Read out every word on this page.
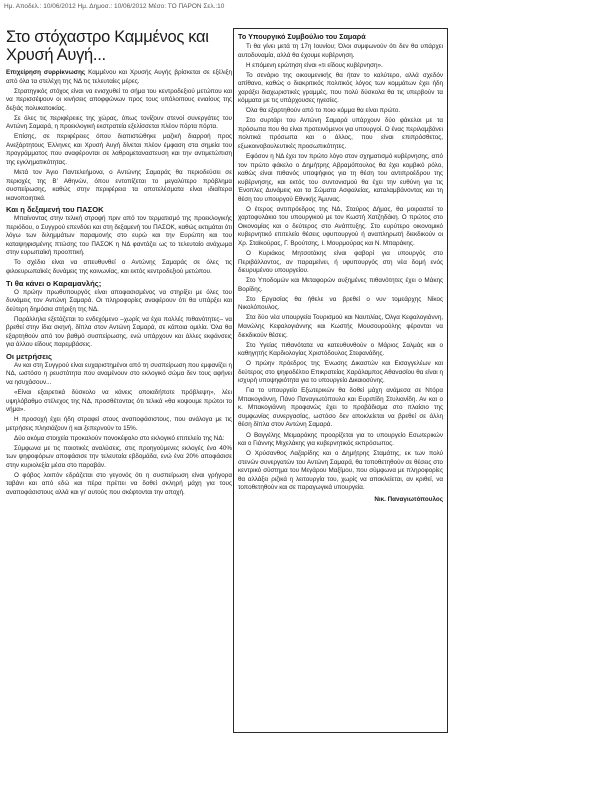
Ημ. Αποδελ.: 10/06/2012 Ημ. Δημοσ.: 10/06/2012 Μέσο: ΤΟ ΠΑΡΟΝ Σελ.:10
Στο στόχαστρο Καμμένος και Χρυσή Αυγή...

Επιχείρηση συρρίκνωσης Καμμένου και Χρυσής Αυγής βρίσκεται σε εξέλιξη από όλα τα στελέχη της ΝΔ τις τελευταίες μέρες.

Στρατηγικός στόχος είναι να ενισχυθεί το σήμα του κεντροδεξιού μετώπου και να περισσέψουν οι κινήσεις αποφφώνων προς τους υπόλοιπους ενιαίους της δεξιάς πολυκατοικίας.

Σε όλες τις περιφέρειες της χώρας, όπως τονίζουν στενοί συνεργάτες του Αντώνη Σαμαρά, η προεκλογική εκστρατεία εξελίσσεται πλέον πόρτα πόρτα.

Επίσης, σε περιφέρειες όπου διαπιστώθηκε μαζική διαρροή προς Ανεξάρτητους Έλληνες και Χρυσή Αυγή δίνεται πλέον έμφαση στα σημεία του προγράμματος που αναφέρονται σε λαθρομεταναστευση και την αντιμετώπιση της εγκληματικότητας.

Μετά τον Άγιο Παντελεήμονα, ο Αντώνης Σαμαράς θα περιοδεύσει σε περιοχές της Β' Αθηνών, όπου εντοπίζεται το μεγαλύτερο πρόβλημα συσπείρωσης, καθώς στην περιφέρεια τα αποτελέσματα είναι ιδιαίτερα ικανοποιητικά.

Και η δεξαμενή του ΠΑΣΟΚ

Μπαίνοντας στην τελική στροφή πριν από τον τερματισμό της προεκλογικής περιόδου, ο Συγγρού επενδύει και στη δεξαμενή του ΠΑΣΟΚ, καθώς εκτιμάται ότι λόγω των διλημμάτων παραμονής στο ευρώ και την Ευρώπη και του καταψηφισμένης πτώσης του ΠΑΣΟΚ η ΝΔ φαντάζει ως το τελευταίο ανάχωμα στην ευρωπαϊκή προοπτική.

Το σχέδιο είναι να απευθυνθεί ο Αντώνης Σαμαράς σε όλες τις φιλοευρωπαϊκές δυνάμεις της κοινωνίας, και εκτός κεντροδεξιού μετώπου.

Τι θα κάνει ο Καραμανλής;

Ο πρώην πρωθυπουργός είναι αποφασισμένος να στηρίξει με όλες του δυνάμεις τον Αντώνη Σαμαρά. Οι πληροφορίες αναφέρουν ότι θα υπάρξει και δεύτερη δημόσια στήριξη της ΝΔ.

Παράλληλα εξετάζεται το ενδεχόμενο –χωρίς να έχει πολλές πιθανότητες– να βρεθεί στην ίδια σκηνή, δίπλα στον Αντώνη Σαμαρά, σε κάποια ομιλία. Όλα θα εξαρτηθούν από τον βαθμό συσπείρωσης, ενώ υπάρχουν και άλλες εκφάνσεις για άλλου είδους παρεμβάσεις.

Οι μετρήσεις

Αν και στη Συγγρού είναι ευχαριστημένοι από τη συσπείρωση που εμφανίζει η ΝΔ, ωστόσο η ρευστότητα που αναμένουν στο εκλογικό σώμα δεν τους αφήνει να ησυχάσουν...

«Είναι εξαιρετικά δύσκολο να κάνεις οποιαδήποτε πρόβλεψη», λέει υψηλόβαθμο στέλεχος της ΝΔ, προσθέτοντας ότι τελικά «θα κοψουμε πρώτοι το νήμα».

Η προσοχή έχει ήδη στραφεί στους αναποφάσιστους, που ανάλογα με τις μετρήσεις πλησιάζουν ή και ξεπερνούν το 15%.

Δύο ακόμα στοιχεία προκαλούν πονοκέφαλο στο εκλογικό επιτελείο της ΝΔ:

Σύμφωνα με τις ποιοτικές αναλύσεις, στις προηγούμενες εκλογές ένα 40% των ψηφοφόρων αποφάσισε την τελευταία εβδομάδα, ενώ ένα 20% αποφάσισε στην κυριολεξία μέσα στο παραβάν.

Ο φόβος λοιπόν εδράζεται στο γεγονός ότι η συσπείρωση είναι γρήγορα ταβάνι και από εδώ και πέρα πρέπει να δοθεί σκληρή μάχη για τους αναποφάσιστους αλλά και γι' αυτούς που σκέφτονται την αποχή.

Το Υπουργικό Συμβούλιο του Σαμαρά

Τι θα γίνει μετά τη 17η Ιουνίου; Όλοι συμφωνούν ότι δεν θα υπάρχει αυτοδυναμία, αλλά θα έχουμε κυβέρνηση.

Η επόμενη ερώτηση είναι «τι είδους κυβέρνηση».

Το σενάριο της οικουμενικής θα ήταν το καλύτερο, αλλά σχεδόν απίθανο, καθώς ο διακριτικός πολιτικός λόγος των κομμάτων έχει ήδη χαράξει διαχωριστικές γραμμές, που πολύ δύσκολα θα τις υπερβούν τα κόμματα με τις υπάρχουσες ηγεσίες.

Όλα θα εξαρτηθούν από το ποιο κόμμα θα είναι πρώτο.

Στο συρτάρι του Αντώνη Σαμαρά υπάρχουν δύο φάκελοι με τα πρόσωπα που θα είναι προτεινόμενοι για υπουργοί. Ο ένας περιλαμβάνει πολιτικά πρόσωπα και ο άλλος, που είναι επιπρόσθετος, εξωκοινοβουλευτικές προσωπικότητες.

Εφόσον η ΝΔ έχει τον πρώτο λόγο στον σχηματισμό κυβέρνησης, από τον πρώτο φάκελο ο Δημήτρης Αβραμόπουλος θα έχει κομβικό ρόλο, καθώς είναι πιθανός υποψήφιος για τη θέση του αντιπροέδρου της κυβέρνησης, και εκτός του συντονισμού θα έχει την ευθύνη για τις Ένοπλες Δυνάμεις και τα Σώματα Ασφαλείας, καταλαμβάνοντας και τη θέση του υπουργού Εθνικής Άμυνας.

Ο έτερος αντιπρόεδρος της ΝΔ, Σταύρος Δήμας, θα μοιραστεί το χαρτοφυλάκιο του υπουργικού με τον Κωστή Χατζηδάκη. Ο πρώτος στο Οικονομίας και ο δεύτερος στο Ανάπτυξης. Στο ευρύτερο οικονομικό κυβερνητικό επιτελείο θέσεις υφυπουργού ή αναπληρωτή διεκδικούν οι Χρ. Σταϊκούρας, Γ. Βρούτσης, Ι. Μουρμούρας και Ν. Μπαράκης.

Ο Κυριάκος Μητσοτάκης είναι φαβορί για υπουργός στο Περιβάλλοντος, αν παραμείνει, ή υφυπουργός στη νέα δομή ενός διευρυμένου υπουργείου.

Στο Υποδομών και Μεταφορών αυξημένες πιθανότητες έχει ο Μάκης Βορίδης.

Στο Εργασίας θα ήθελε να βρεθεί ο νυν τομεάρχης Νίκος Νικολόπουλος.

Στα δύο νέα υπουργεία Τουρισμού και Ναυτιλίας, Όλγα Κεφαλογιάννη, Μανώλης Κεφαλογιάννης και Κωστής Μουσουρούλης φέρονται να διεκδικούν θέσεις.

Στο Υγείας πιθανότατα να κατευθυνθούν ο Μάριος Σαλμάς και ο καθηγητής Καρδιολογίας Χριστόδουλος Στεφανάδης.

Ο πρώην πρόεδρος της Ένωσης Δικαστών και Εισαγγελέων και δεύτερος στο ψηφοδέλτιο Επικρατείας Χαράλαμπος Αθανασίου θα είναι η ισχυρή υποψηφιότητα για το υπουργείο Δικαιοσύνης.

Για το υπουργείο Εξωτερικών θα δοθεί μάχη ανάμεσα σε Ντόρα Μπακογιάννη, Πάνο Παναγιωτόπουλο και Ευριπίδη Στυλιανίδη. Αν και ο κ. Μπακογιάννη προφανώς έχει το προβάδισμα στο πλαίσιο της συμφωνίας συνεργασίας, ωστόσο δεν αποκλείεται να βρεθεί σε άλλη θέση δίπλα στον Αντώνη Σαμαρά.

Ο Βαγγέλης Μειμαράκης προορίζεται για το υπουργείο Εσωτερικών και ο Γιάννης Μιχελάκης για κυβερνητικός εκπρόσωπος.

Ο Χρύσανθος Λαζαρίδης και ο Δημήτρης Σταμάτης, εκ των πολύ στενών συνεργατών του Αντώνη Σαμαρά, θα τοποθετηθούν σε θέσεις στο κεντρικό σύστημα του Μεγάρου Μαξίμου, που σύμφωνα με πληροφορίες θα αλλάξει ριζικά η λειτουργία του, χωρίς να αποκλείεται, αν κριθεί, να τοποθετηθούν και σε παραγωγικά υπουργεία.

Νικ. Παναγιωτόπουλος
